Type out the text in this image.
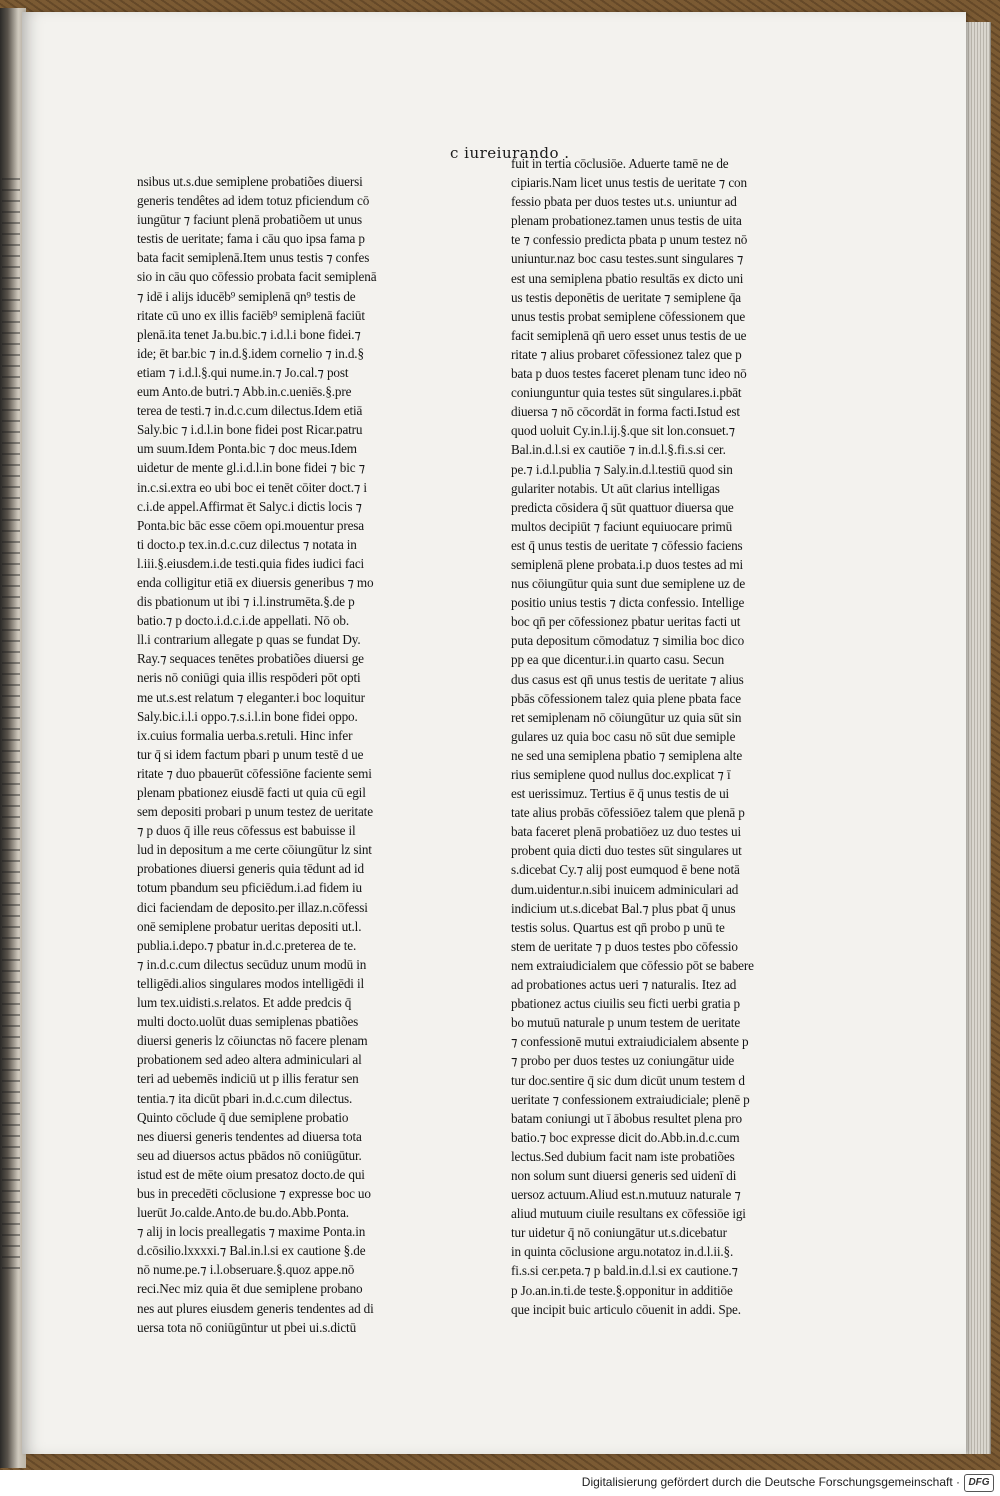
c iureiurando .
nsibus ut.s.due semiplene probatiões diuersi
generis tendêtes ad idem totuz pficiendum cō
iungūtur ⁊ faciunt plenā probatiõem ut unus
testis de ueritate; fama i cāu quo ipsa fama p
bata facit semiplenā.Item unus testis ⁊ confes
sio in cāu quo cōfessio probata facit semiplenā
⁊ idē i alijs iducēb⁹ semiplenā qn⁹ testis de
ritate cū uno ex illis faciēb⁹ semiplenā faciūt
plenā.ita tenet Ja.bu.bic.⁊ i.d.l.i bone fidei.⁊
ide; ēt bar.bic ⁊ in.d.§.idem cornelio ⁊ in.d.§
etiam ⁊ i.d.l.§.qui nume.in.⁊ Jo.cal.⁊ post
eum Anto.de butri.⁊ Abb.in.c.ueniēs.§.pre
terea de testi.⁊ in.d.c.cum dilectus.Idem etiā
Saly.bic ⁊ i.d.l.in bone fidei post Ricar.patru
um suum.Idem Ponta.bic ⁊ doc meus.Idem
uidetur de mente gl.i.d.l.in bone fidei ⁊ bic ⁊
in.c.si.extra eo ubi boc ei tenēt cōiter doct.⁊ i
c.i.de appel.Affirmat ēt Salyc.i dictis locis ⁊
Ponta.bic bāc esse cōem opi.mouentur presa
ti docto.p tex.in.d.c.cuz dilectus ⁊ notata in
l.iii.§.eiusdem.i.de testi.quia fides iudici faci
enda colligitur etiā ex diuersis generibus ⁊ mo
dis pbationum ut ibi ⁊ i.l.instrumēta.§.de p
batio.⁊ p docto.i.d.c.i.de appellati. Nō ob.
ll.i contrarium allegate p quas se fundat Dy.
Ray.⁊ sequaces tenētes probatiões diuersi ge
neris nō coniūgi quia illis respōderi pōt opti
me ut.s.est relatum ⁊ eleganter.i boc loquitur
Saly.bic.i.l.i oppo.⁊.s.i.l.in bone fidei oppo.
ix.cuius formalia uerba.s.retuli. Hinc infer
tur q̄ si idem factum pbari p unum testē d ue
ritate ⁊ duo pbauerūt cōfessiōne faciente semi
plenam pbationez eiusdē facti ut quia cū egil
sem depositi probari p unum testez de ueritate
⁊ p duos q̄ ille reus cōfessus est babuisse il
lud in depositum a me certe cōiungūtur lz sint
probationes diuersi generis quia tēdunt ad id
totum pbandum seu pficiēdum.i.ad fidem iu
dici faciendam de deposito.per illaz.n.cōfessi
onē semiplene probatur ueritas depositi ut.l.
publia.i.depo.⁊ pbatur in.d.c.preterea de te.
⁊ in.d.c.cum dilectus secūduz unum modū in
telligēdi.alios singulares modos intelligēdi il
lum tex.uidisti.s.relatos. Et adde predcis q̄
multi docto.uolūt duas semiplenas pbatiões
diuersi generis lz cōiunctas nō facere plenam
probationem sed adeo altera adminiculari al
teri ad uebemēs indiciū ut p illis feratur sen
tentia.⁊ ita dicūt pbari in.d.c.cum dilectus.
Quinto cōclude q̄ due semiplene probatio
nes diuersi generis tendentes ad diuersa tota
seu ad diuersos actus pbādos nō coniūgūtur.
istud est de mēte oium presatoz docto.de qui
bus in precedēti cōclusione ⁊ expresse boc uo
luerūt Jo.calde.Anto.de bu.do.Abb.Ponta.
⁊ alij in locis preallegatis ⁊ maxime Ponta.in
d.cōsilio.lxxxxi.⁊ Bal.in.l.si ex cautione §.de
nō nume.pe.⁊ i.l.obseruare.§.quoz appe.nō
reci.Nec miz quia ēt due semiplene probano
nes aut plures eiusdem generis tendentes ad di
uersa tota nō coniūgūntur ut pbei ui.s.dictū
fuit in tertia cōclusiōe. Aduerte tamē ne de
cipiaris.Nam licet unus testis de ueritate ⁊ con
fessio pbata per duos testes ut.s. uniuntur ad
plenam probationez.tamen unus testis de uita
te ⁊ confessio predicta pbata p unum testez nō
uniuntur.naz boc casu testes.sunt singulares ⁊
est una semiplena pbatio resultās ex dicto uni
us testis deponētis de ueritate ⁊ semiplene q̄a
unus testis probat semiplene cōfessionem que
facit semiplenā qn̄ uero esset unus testis de ue
ritate ⁊ alius probaret cōfessionez talez que p
bata p duos testes faceret plenam tunc ideo nō
coniunguntur quia testes sūt singulares.i.pbāt
diuersa ⁊ nō cōcordāt in forma facti.Istud est
quod uoluit Cy.in.l.ij.§.que sit lon.consuet.⁊
Bal.in.d.l.si ex cautiōe ⁊ in.d.l.§.fi.s.si cer.
pe.⁊ i.d.l.publia ⁊ Saly.in.d.l.testiū quod sin
gulariter notabis. Ut aūt clarius intelligas
predicta cōsidera q̄ sūt quattuor diuersa que
multos decipiūt ⁊ faciunt equiuocare primū
est q̄ unus testis de ueritate ⁊ cōfessio faciens
semiplenā plene probata.i.p duos testes ad mi
nus cōiungūtur quia sunt due semiplene uz de
positio unius testis ⁊ dicta confessio. Intellige
boc qn̄ per cōfessionez pbatur ueritas facti ut
puta depositum cōmodatuz ⁊ similia boc dico
pp ea que dicentur.i.in quarto casu. Secun
dus casus est qn̄ unus testis de ueritate ⁊ alius
pbās cōfessionem talez quia plene pbata face
ret semiplenam nō cōiungūtur uz quia sūt sin
gulares uz quia boc casu nō sūt due semiple
ne sed una semiplena pbatio ⁊ semiplena alte
rius semiplene quod nullus doc.explicat ⁊ ī
est uerissimuz. Tertius ē q̄ unus testis de ui
tate alius probās cōfessiōez talem que plenā p
bata faceret plenā probatiōez uz duo testes ui
probent quia dicti duo testes sūt singulares ut
s.dicebat Cy.⁊ alij post eumquod ē bene notā
dum.uidentur.n.sibi inuicem adminiculari ad
indicium ut.s.dicebat Bal.⁊ plus pbat q̄ unus
testis solus. Quartus est qn̄ probo p unū te
stem de ueritate ⁊ p duos testes pbo cōfessio
nem extraiudicialem que cōfessio pōt se babere
ad probationes actus ueri ⁊ naturalis. Itez ad
pbationez actus ciuilis seu ficti uerbi gratia p
bo mutuū naturale p unum testem de ueritate
⁊ confessionē mutui extraiudicialem absente p
⁊ probo per duos testes uz coniungātur uide
tur doc.sentire q̄ sic dum dicūt unum testem d
ueritate ⁊ confessionem extraiudiciale; plenē p
batam coniungi ut ī ābobus resultet plena pro
batio.⁊ boc expresse dicit do.Abb.in.d.c.cum
lectus.Sed dubium facit nam iste probatiões
non solum sunt diuersi generis sed uidenī di
uersoz actuum.Aliud est.n.mutuuz naturale ⁊
aliud mutuum ciuile resultans ex cōfessiōe igi
tur uidetur q̄ nō coniungātur ut.s.dicebatur
in quinta cōclusione argu.notatoz in.d.l.ii.§.
fi.s.si cer.peta.⁊ p bald.in.d.l.si ex cautione.⁊
p Jo.an.in.ti.de teste.§.opponitur in additiōe
que incipit buic articulo cōuenit in addi. Spe.
Digitalisierung gefördert durch die Deutsche Forschungsgemeinschaft · DFG
